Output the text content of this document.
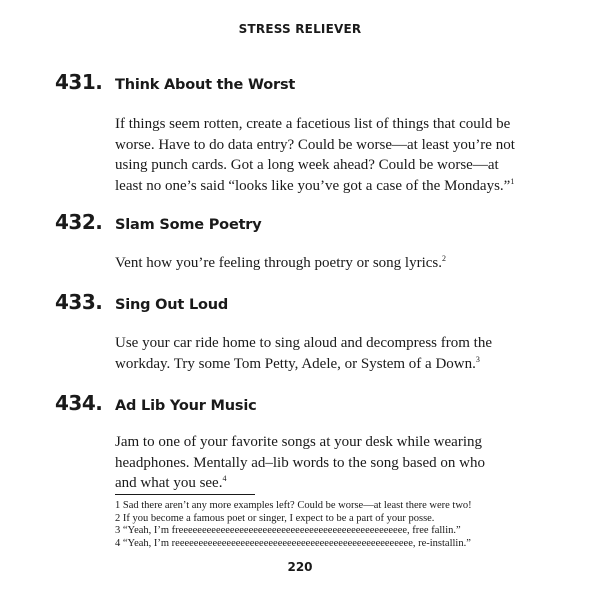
STRESS RELIEVER
431. Think About the Worst
If things seem rotten, create a facetious list of things that could be
worse. Have to do data entry? Could be worse—at least you’re not
using punch cards. Got a long week ahead? Could be worse—at
least no one’s said “looks like you’ve got a case of the Mondays.”$^1$
432. Slam Some Poetry
Vent how you’re feeling through poetry or song lyrics.$^2$
433. Sing Out Loud
Use your car ride home to sing aloud and decompress from the
workday. Try some Tom Petty, Adele, or System of a Down.$^3$
434. Ad Lib Your Music
Jam to one of your favorite songs at your desk while wearing
headphones. Mentally ad–lib words to the song based on who
and what you see.$^4$
1 Sad there aren’t any more examples left? Could be worse—at least there were two!
2 If you become a famous poet or singer, I expect to be a part of your posse.
3 “Yeah, I’m freeeeeeeeeeeeeeeeeeeeeeeeeeeeeeeeeeeeeeeeeeeeeeeee, free fallin.”
4 “Yeah, I’m reeeeeeeeeeeeeeeeeeeeeeeeeeeeeeeeeeeeeeeeeeeeeeeeeee, re-installin.”
220
